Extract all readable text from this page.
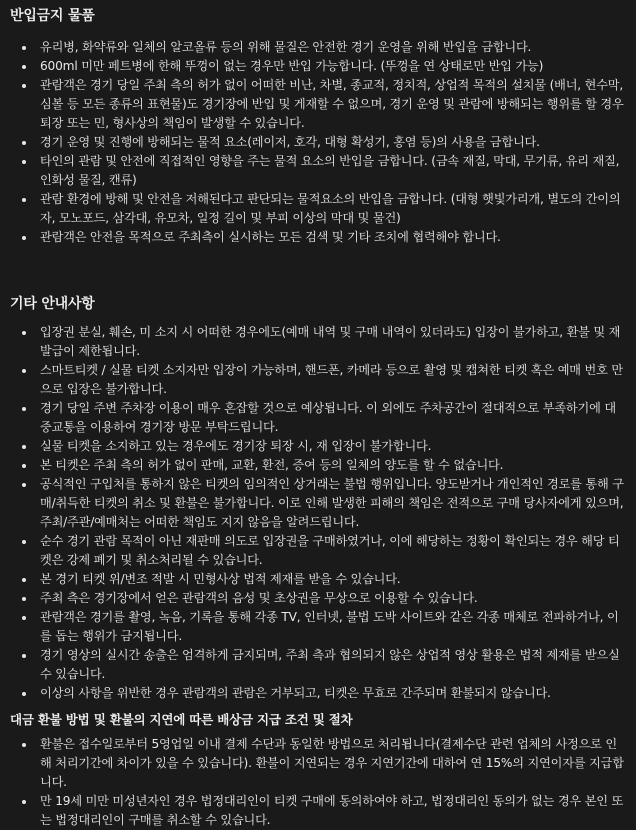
반입금지 물품
유리병, 화약류와 일체의 알코올류 등의 위해 물질은 안전한 경기 운영을 위해 반입을 금합니다.
600ml 미만 페트병에 한해 뚜껑이 없는 경우만 반입 가능합니다. (뚜껑을 연 상태로만 반입 가능)
관람객은 경기 당일 주최 측의 허가 없이 어떠한 비난, 차별, 종교적, 정치적, 상업적 목적의 설치물 (배너, 현수막, 심볼 등 모든 종류의 표현물)도 경기장에 반입 및 게재할 수 없으며, 경기 운영 및 관람에 방해되는 행위를 할 경우 퇴장 또는 민, 형사상의 책임이 발생할 수 있습니다.
경기 운영 및 진행에 방해되는 물적 요소(레이저, 호각, 대형 확성기, 홍염 등)의 사용을 금합니다.
타인의 관람 및 안전에 직접적인 영향을 주는 물적 요소의 반입을 금합니다. (금속 재질, 막대, 무기류, 유리 재질, 인화성 물질, 캔류)
관람 환경에 방해 및 안전을 저해된다고 판단되는 물적요소의 반입을 금합니다. (대형 햇빛가리개, 별도의 간이의자, 모노포드, 삼각대, 유모차, 일정 길이 및 부피 이상의 막대 및 물건)
관람객은 안전을 목적으로 주최측이 실시하는 모든 검색 및 기타 조치에 협력해야 합니다.
기타 안내사항
입장권 분실, 훼손, 미 소지 시 어떠한 경우에도(예매 내역 및 구매 내역이 있더라도) 입장이 불가하고, 환불 및 재발급이 제한됩니다.
스마트티켓 / 실물 티켓 소지자만 입장이 가능하며, 핸드폰, 카메라 등으로 촬영 및 캡쳐한 티켓 혹은 예매 번호 만으로 입장은 불가합니다.
경기 당일 주변 주차장 이용이 매우 혼잡할 것으로 예상됩니다. 이 외에도 주차공간이 절대적으로 부족하기에 대중교통을 이용하여 경기장 방문 부탁드립니다.
실물 티켓을 소지하고 있는 경우에도 경기장 퇴장 시, 재 입장이 불가합니다.
본 티켓은 주최 측의 허가 없이 판매, 교환, 환전, 증여 등의 일체의 양도를 할 수 없습니다.
공식적인 구입처를 통하지 않은 티켓의 임의적인 상거래는 불법 행위입니다. 양도받거나 개인적인 경로를 통해 구매/취득한 티켓의 취소 및 환불은 불가합니다. 이로 인해 발생한 피해의 책임은 전적으로 구매 당사자에게 있으며, 주최/주관/예매처는 어떠한 책임도 지지 않음을 알려드립니다.
순수 경기 관람 목적이 아닌 재판매 의도로 입장권을 구매하였거나, 이에 해당하는 정황이 확인되는 경우 해당 티켓은 강제 폐기 및 취소처리될 수 있습니다.
본 경기 티켓 위/변조 적발 시 민형사상 법적 제재를 받을 수 있습니다.
주최 측은 경기장에서 얻은 관람객의 음성 및 초상권을 무상으로 이용할 수 있습니다.
관람객은 경기를 촬영, 녹음, 기록을 통해 각종 TV, 인터넷, 불법 도박 사이트와 같은 각종 매체로 전파하거나, 이를 돕는 행위가 금지됩니다.
경기 영상의 실시간 송출은 엄격하게 금지되며, 주최 측과 협의되지 않은 상업적 영상 활용은 법적 제재를 받으실 수 있습니다.
이상의 사항을 위반한 경우 관람객의 관람은 거부되고, 티켓은 무효로 간주되며 환불되지 않습니다.
대금 환불 방법 및 환불의 지연에 따른 배상금 지급 조건 및 절차
환불은 접수일로부터 5영업일 이내 결제 수단과 동일한 방법으로 처리됩니다(결제수단 관련 업체의 사정으로 인해 처리기간에 차이가 있을 수 있습니다). 환불이 지연되는 경우 지연기간에 대하여 연 15%의 지연이자를 지급합니다.
만 19세 미만 미성년자인 경우 법정대리인이 티켓 구매에 동의하여야 하고, 법정대리인 동의가 없는 경우 본인 또는 법정대리인이 구매를 취소할 수 있습니다.
